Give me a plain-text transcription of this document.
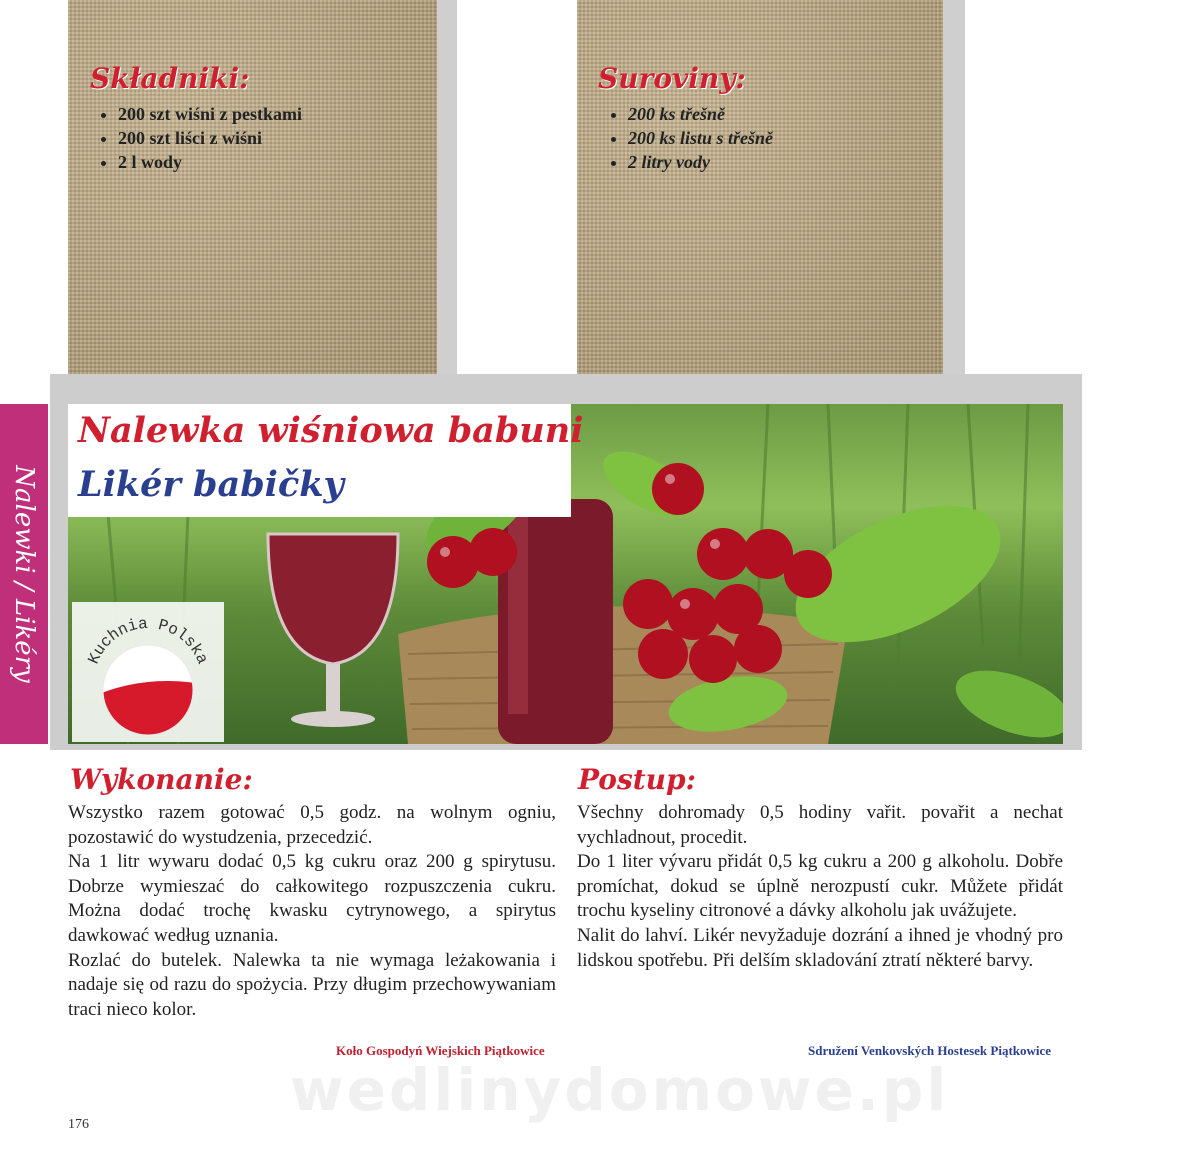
Składniki:
• 200 szt wiśni z pestkami
• 200 szt liści z wiśni
• 2 l wody
Suroviny:
• 200 ks třešně
• 200 ks listu s třešně
• 2 litry vody
Nalewki / Likéry
Nalewka wiśniowa babuni
Likér babičky
Kuchnia Polska
Wykonanie:

Wszystko razem gotować 0,5 godz. na wolnym ogniu, pozostawić do wystudzenia, przecedzić.

Na 1 litr wywaru dodać 0,5 kg cukru oraz 200 g spirytusu. Dobrze wymieszać do całkowitego rozpuszczenia cukru. Można dodać trochę kwasku cytrynowego, a spirytus dawkować według uznania.

Rozlać do butelek. Nalewka ta nie wymaga leżakowania i nadaje się od razu do spożycia. Przy długim przechowywaniam traci nieco kolor.

Koło Gospodyń Wiejskich Piątkowice
Postup:

Všechny dohromady 0,5 hodiny vařit. povařit a nechat vychladnout, procedit.

Do 1 liter vývaru přidát 0,5 kg cukru a 200 g alkoholu. Dobře promíchat, dokud se úplně nerozpustí cukr. Můžete přidát trochu kyseliny citronové a dávky alkoholu jak uvážujete.

Nalit do lahví. Likér nevyžaduje dozrání a ihned je vhodný pro lidskou spotřebu. Při delším skladování ztratí některé barvy.

Sdružení Venkovských Hostesek Piątkowice
wedlinydomowe.pl
176
